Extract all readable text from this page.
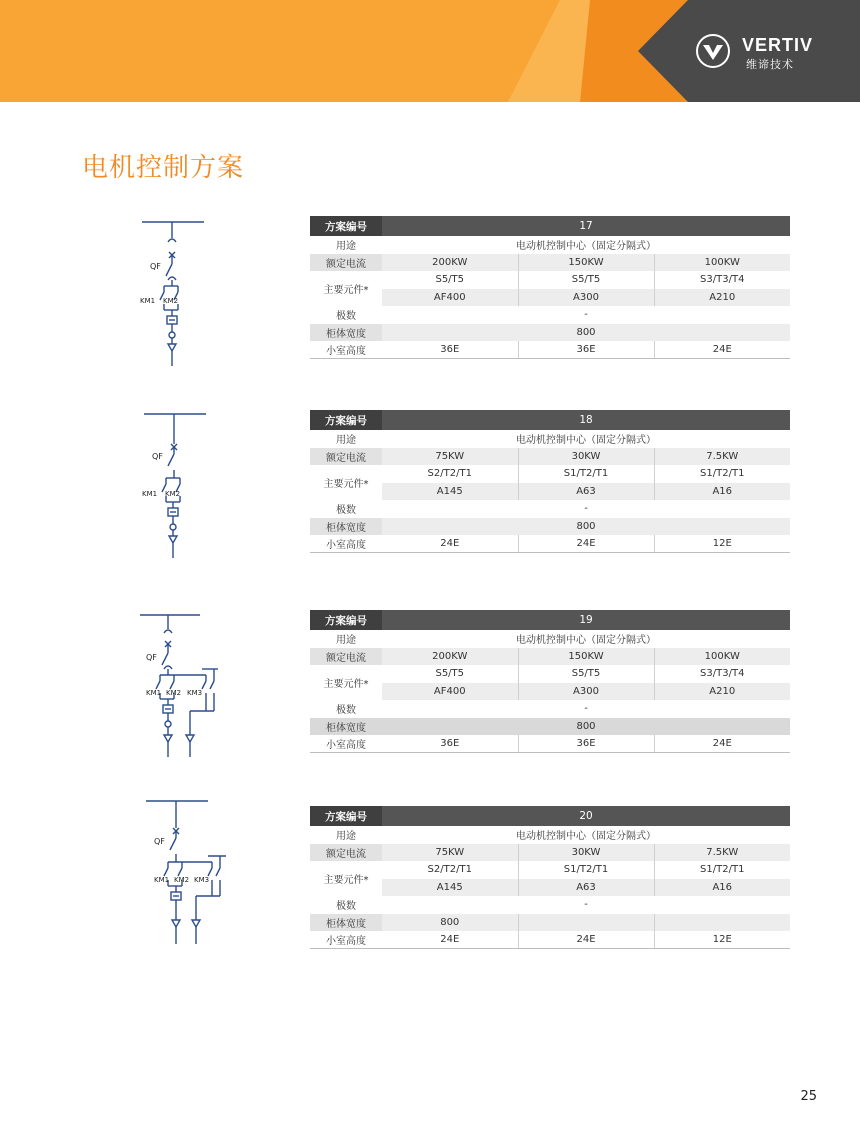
VERTIV
维谛技术
电机控制方案
QF
KM1 KM2
方案编号	17		
用途	电动机控制中心（固定分隔式）		
额定电流	200KW	150KW	100KW
主要元件*	S5/T5	S5/T5	S3/T3/T4
	AF400	A300	A210
极数	-		
柜体宽度	800		
小室高度	36E	36E	24E
QF
KM1 KM2
方案编号	18		
用途	电动机控制中心（固定分隔式）		
额定电流	75KW	30KW	7.5KW
主要元件*	S2/T2/T1	S1/T2/T1	S1/T2/T1
	A145	A63	A16
极数	-		
柜体宽度	800		
小室高度	24E	24E	12E
QF
KM1 KM2 KM3
方案编号	19		
用途	电动机控制中心（固定分隔式）		
额定电流	200KW	150KW	100KW
主要元件*	S5/T5	S5/T5	S3/T3/T4
	AF400	A300	A210
极数	-		
柜体宽度	800		
小室高度	36E	36E	24E
QF
KM1 KM2 KM3
方案编号	20		
用途	电动机控制中心（固定分隔式）		
额定电流	75KW	30KW	7.5KW
主要元件*	S2/T2/T1	S1/T2/T1	S1/T2/T1
	A145	A63	A16
极数	-		
柜体宽度	800		
小室高度	24E	24E	12E
25
